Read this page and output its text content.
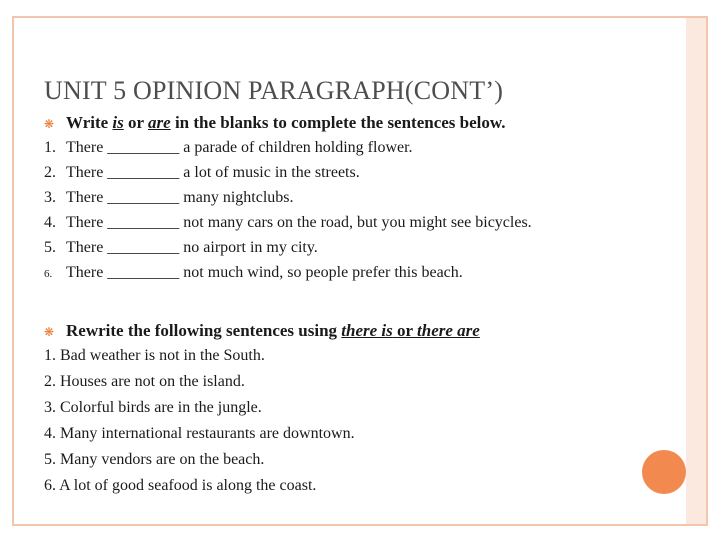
UNIT 5 OPINION PARAGRAPH(CONT’)
❋ Write is or are in the blanks to complete the sentences below.
1. There _________ a parade of children holding flower.
2. There _________ a lot of music in the streets.
3. There _________ many nightclubs.
4. There _________ not many cars on the road, but you might see bicycles.
5. There _________ no airport in my city.
6. There _________ not much wind, so people prefer this beach.
❋ Rewrite the following sentences using there is or there are
1. Bad weather is not in the South.
2. Houses are not on the island.
3. Colorful birds are in the jungle.
4. Many international restaurants are downtown.
5. Many vendors are on the beach.
6. A lot of good seafood is along the coast.
